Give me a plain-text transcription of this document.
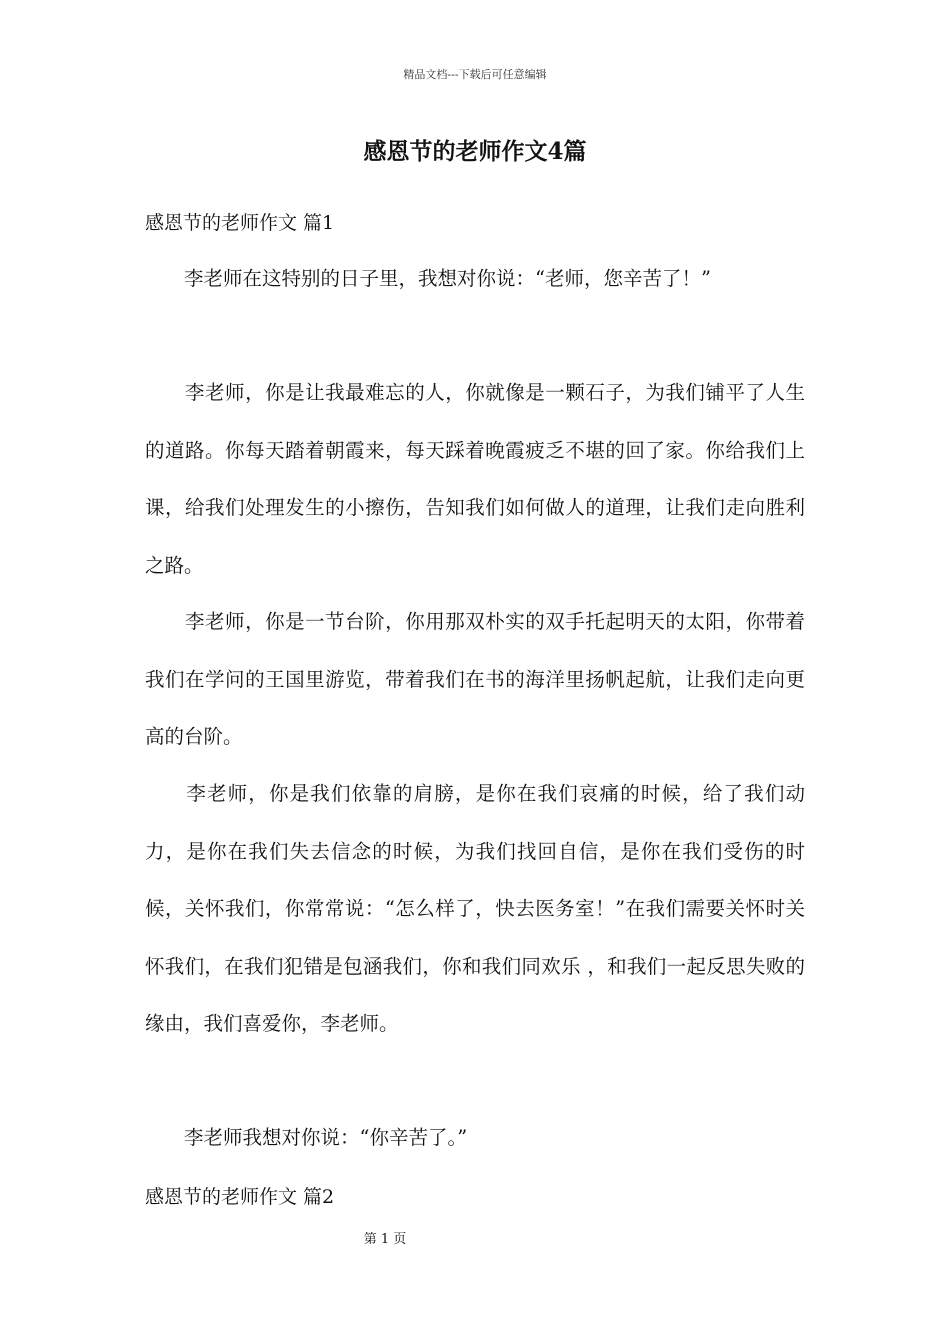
精品文档---下载后可任意编辑
感恩节的老师作文4篇
感恩节的老师作文 篇1

　　李老师在这特别的日子里，我想对你说：“老师，您辛苦了！”

　　李老师，你是让我最难忘的人，你就像是一颗石子，为我们铺平了人生的道路。你每天踏着朝霞来，每天踩着晚霞疲乏不堪的回了家。你给我们上课，给我们处理发生的小擦伤，告知我们如何做人的道理，让我们走向胜利之路。

　　李老师，你是一节台阶，你用那双朴实的双手托起明天的太阳，你带着我们在学问的王国里游览，带着我们在书的海洋里扬帆起航，让我们走向更高的台阶。

　　李老师，你是我们依靠的肩膀，是你在我们哀痛的时候，给了我们动力，是你在我们失去信念的时候，为我们找回自信，是你在我们受伤的时候，关怀我们，你常常说：“怎么样了，快去医务室！”在我们需要关怀时关怀我们，在我们犯错是包涵我们，你和我们同欢乐 ，和我们一起反思失败的缘由，我们喜爱你，李老师。

　　李老师我想对你说：“你辛苦了。”

感恩节的老师作文 篇2
第 1 页
